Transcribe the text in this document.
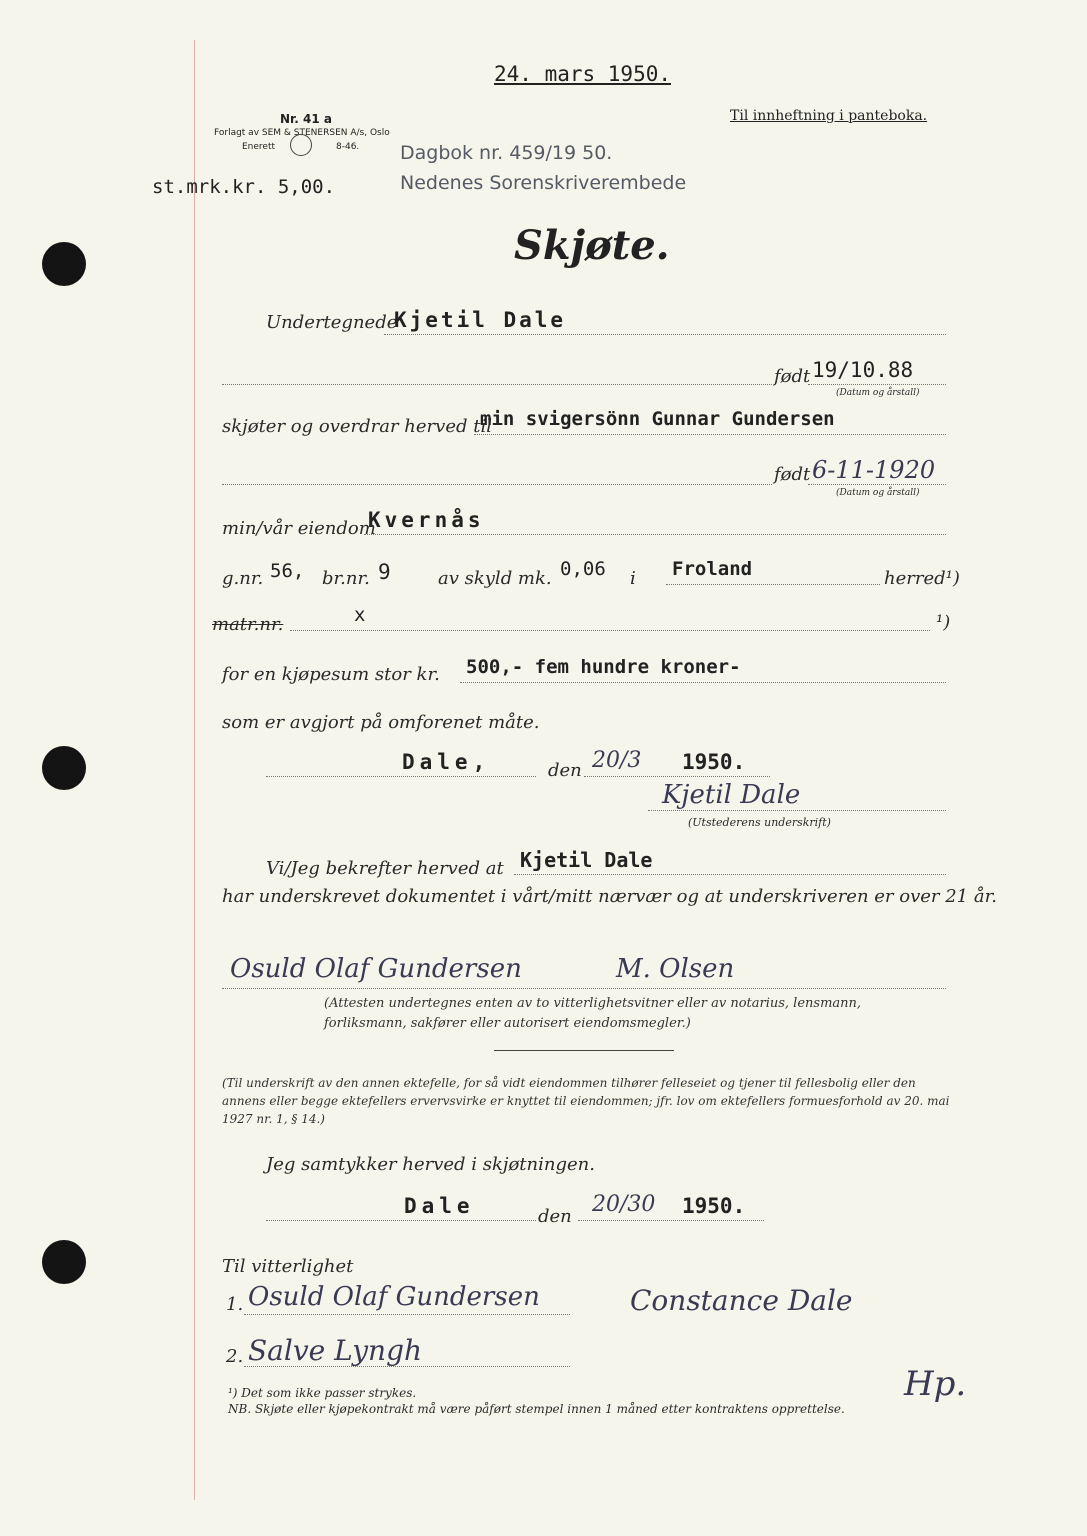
24. mars 1950.
Nr. 41 a
Forlagt av SEM & STENERSEN A/s, Oslo
Enerett	8-46.
Til innheftning i panteboka.
Dagbok nr. 459/19 50.
Nedenes Sorenskriverembede
st.mrk.kr. 5,00.
Skjøte.
Undertegnede
Kjetil Dale
født 19/10.88
(Datum og årstall)
skjøter og overdrar herved til
min svigersönn Gunnar Gundersen
født 6-11-1920
(Datum og årstall)
min/vår eiendom
Kvernås
g.nr. 56, br.nr. 9	av skyld mk. 0,06 i Froland	herred¹)
matr.nr.	x	¹)
for en kjøpesum stor kr. 500,- fem hundre kroner-
som er avgjort på omforenet måte.
Dale,	den 20/3 1950.
Kjetil Dale
(Utstederens underskrift)
Vi/Jeg bekrefter herved at Kjetil Dale
har underskrevet dokumentet i vårt/mitt nærvær og at underskriveren er over 21 år.
Osuld Olaf Gundersen	M. Olsen
(Attesten undertegnes enten av to vitterlighetsvitner eller av notarius, lensmann, forliksmann, sakfører eller autorisert eiendomsmegler.)
(Til underskrift av den annen ektefelle, for så vidt eiendommen tilhører felleseiet og tjener til fellesbolig eller den annens eller begge ektefellers ervervsvirke er knyttet til eiendommen; jfr. lov om ektefellers formuesforhold av 20. mai 1927 nr. 1, § 14.)
Jeg samtykker herved i skjøtningen.
Dale	den 20/30 1950.
Til vitterlighet
1. Osuld Olaf Gundersen	Constance Dale
2. Salve Lyngh
¹) Det som ikke passer strykes.
NB. Skjøte eller kjøpekontrakt må være påført stempel innen 1 måned etter kontraktens opprettelse.
Hp.
